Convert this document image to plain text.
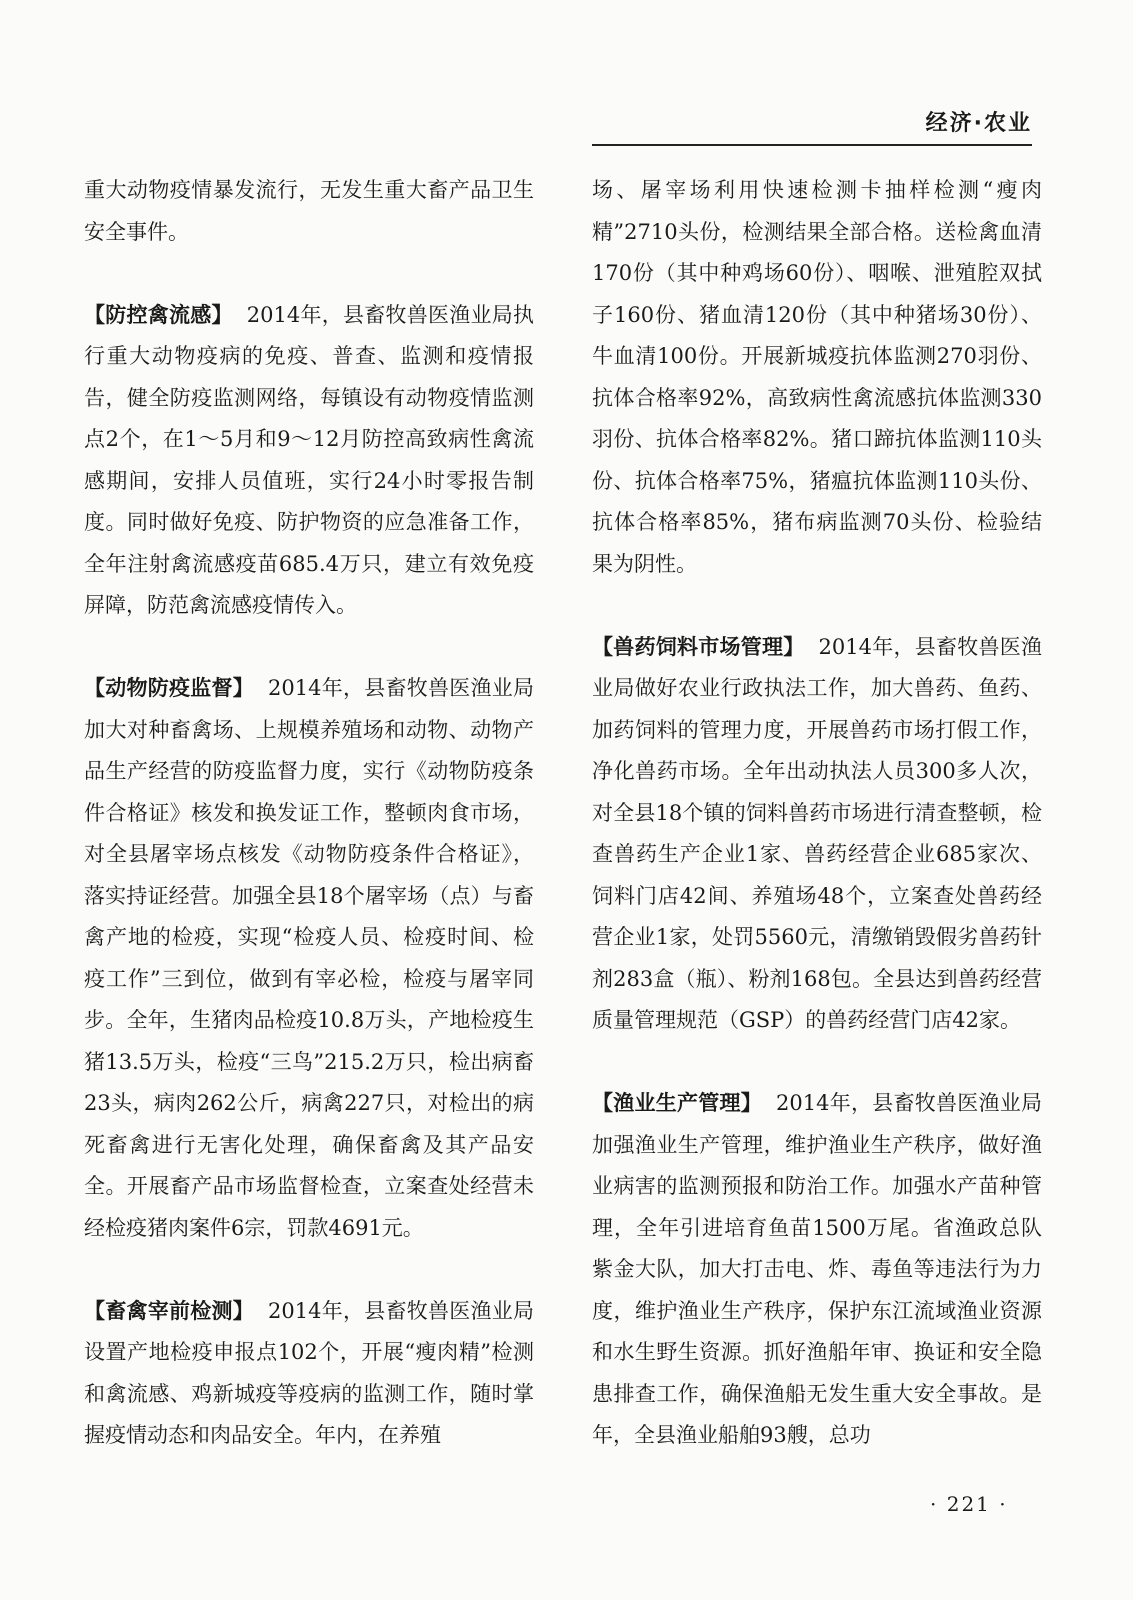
经济·农业

重大动物疫情暴发流行，无发生重大畜产品卫生安全事件。

【防控禽流感】 2014年，县畜牧兽医渔业局执行重大动物疫病的免疫、普查、监测和疫情报告，健全防疫监测网络，每镇设有动物疫情监测点2个，在1～5月和9～12月防控高致病性禽流感期间，安排人员值班，实行24小时零报告制度。同时做好免疫、防护物资的应急准备工作，全年注射禽流感疫苗685.4万只，建立有效免疫屏障，防范禽流感疫情传入。

【动物防疫监督】 2014年，县畜牧兽医渔业局加大对种畜禽场、上规模养殖场和动物、动物产品生产经营的防疫监督力度，实行《动物防疫条件合格证》核发和换发证工作，整顿肉食市场，对全县屠宰场点核发《动物防疫条件合格证》，落实持证经营。加强全县18个屠宰场（点）与畜禽产地的检疫，实现“检疫人员、检疫时间、检疫工作”三到位，做到有宰必检，检疫与屠宰同步。全年，生猪肉品检疫10.8万头，产地检疫生猪13.5万头，检疫“三鸟”215.2万只，检出病畜23头，病肉262公斤，病禽227只，对检出的病死畜禽进行无害化处理，确保畜禽及其产品安全。开展畜产品市场监督检查，立案查处经营未经检疫猪肉案件6宗，罚款4691元。

【畜禽宰前检测】 2014年，县畜牧兽医渔业局设置产地检疫申报点102个，开展“瘦肉精”检测和禽流感、鸡新城疫等疫病的监测工作，随时掌握疫情动态和肉品安全。年内，在养殖

场、屠宰场利用快速检测卡抽样检测“瘦肉精”2710头份，检测结果全部合格。送检禽血清170份（其中种鸡场60份）、咽喉、泄殖腔双拭子160份、猪血清120份（其中种猪场30份）、牛血清100份。开展新城疫抗体监测270羽份、抗体合格率92%，高致病性禽流感抗体监测330羽份、抗体合格率82%。猪口蹄抗体监测110头份、抗体合格率75%，猪瘟抗体监测110头份、抗体合格率85%，猪布病监测70头份、检验结果为阴性。

【兽药饲料市场管理】 2014年，县畜牧兽医渔业局做好农业行政执法工作，加大兽药、鱼药、加药饲料的管理力度，开展兽药市场打假工作，净化兽药市场。全年出动执法人员300多人次，对全县18个镇的饲料兽药市场进行清查整顿，检查兽药生产企业1家、兽药经营企业685家次、饲料门店42间、养殖场48个，立案查处兽药经营企业1家，处罚5560元，清缴销毁假劣兽药针剂283盒（瓶）、粉剂168包。全县达到兽药经营质量管理规范（GSP）的兽药经营门店42家。

【渔业生产管理】 2014年，县畜牧兽医渔业局加强渔业生产管理，维护渔业生产秩序，做好渔业病害的监测预报和防治工作。加强水产苗种管理，全年引进培育鱼苗1500万尾。省渔政总队紫金大队，加大打击电、炸、毒鱼等违法行为力度，维护渔业生产秩序，保护东江流域渔业资源和水生野生资源。抓好渔船年审、换证和安全隐患排查工作，确保渔船无发生重大安全事故。是年，全县渔业船舶93艘，总功

· 221 ·
